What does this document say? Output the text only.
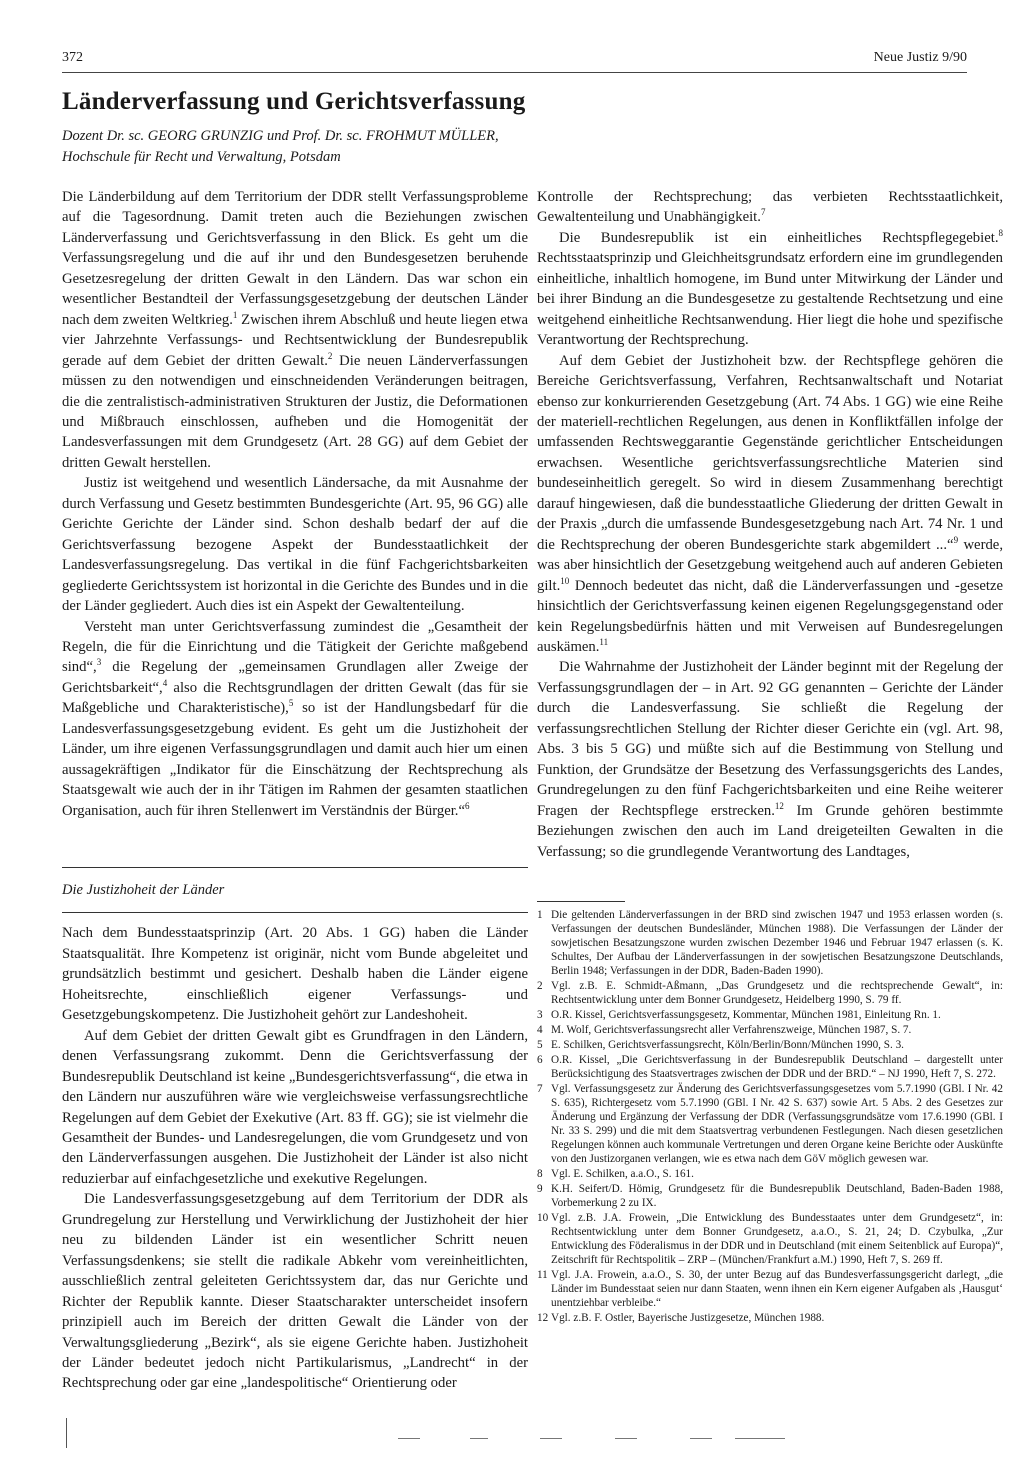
372	Neue Justiz 9/90
Länderverfassung und Gerichtsverfassung
Dozent Dr. sc. GEORG GRUNZIG und Prof. Dr. sc. FROHMUT MÜLLER,
Hochschule für Recht und Verwaltung, Potsdam

Die Länderbildung auf dem Territorium der DDR stellt Verfassungsprobleme auf die Tagesordnung. Damit treten auch die Beziehungen zwischen Länderverfassung und Gerichtsverfassung in den Blick. Es geht um die Verfassungsregelung und die auf ihr und den Bundesgesetzen beruhende Gesetzesregelung der dritten Gewalt in den Ländern. Das war schon ein wesentlicher Bestandteil der Verfassungsgesetzgebung der deutschen Länder nach dem zweiten Weltkrieg.$^1$ Zwischen ihrem Abschluß und heute liegen etwa vier Jahrzehnte Verfassungs- und Rechtsentwicklung der Bundesrepublik gerade auf dem Gebiet der dritten Gewalt.$^2$ Die neuen Länderverfassungen müssen zu den notwendigen und einschneidenden Veränderungen beitragen, die die zentralistisch-administrativen Strukturen der Justiz, die Deformationen und Mißbrauch einschlossen, aufheben und die Homogenität der Landesverfassungen mit dem Grundgesetz (Art. 28 GG) auf dem Gebiet der dritten Gewalt herstellen.

Justiz ist weitgehend und wesentlich Ländersache, da mit Ausnahme der durch Verfassung und Gesetz bestimmten Bundesgerichte (Art. 95, 96 GG) alle Gerichte Gerichte der Länder sind. Schon deshalb bedarf der auf die Gerichtsverfassung bezogene Aspekt der Bundesstaatlichkeit der Landesverfassungsregelung. Das vertikal in die fünf Fachgerichtsbarkeiten gegliederte Gerichtssystem ist horizontal in die Gerichte des Bundes und in die der Länder gegliedert. Auch dies ist ein Aspekt der Gewaltenteilung.

Versteht man unter Gerichtsverfassung zumindest die „Gesamtheit der Regeln, die für die Einrichtung und die Tätigkeit der Gerichte maßgebend sind“,$^3$ die Regelung der „gemeinsamen Grundlagen aller Zweige der Gerichtsbarkeit“,$^4$ also die Rechtsgrundlagen der dritten Gewalt (das für sie Maßgebliche und Charakteristische),$^5$ so ist der Handlungsbedarf für die Landesverfassungsgesetzgebung evident. Es geht um die Justizhoheit der Länder, um ihre eigenen Verfassungsgrundlagen und damit auch hier um einen aussagekräftigen „Indikator für die Einschätzung der Rechtsprechung als Staatsgewalt wie auch der in ihr Tätigen im Rahmen der gesamten staatlichen Organisation, auch für ihren Stellenwert im Verständnis der Bürger.“$^6$

Die Justizhoheit der Länder

Nach dem Bundesstaatsprinzip (Art. 20 Abs. 1 GG) haben die Länder Staatsqualität. Ihre Kompetenz ist originär, nicht vom Bunde abgeleitet und grundsätzlich bestimmt und gesichert. Deshalb haben die Länder eigene Hoheitsrechte, einschließlich eigener Verfassungs- und Gesetzgebungskompetenz. Die Justizhoheit gehört zur Landeshoheit.

Auf dem Gebiet der dritten Gewalt gibt es Grundfragen in den Ländern, denen Verfassungsrang zukommt. Denn die Gerichtsverfassung der Bundesrepublik Deutschland ist keine „Bundesgerichtsverfassung“, die etwa in den Ländern nur auszuführen wäre wie vergleichsweise verfassungsrechtliche Regelungen auf dem Gebiet der Exekutive (Art. 83 ff. GG); sie ist vielmehr die Gesamtheit der Bundes- und Landesregelungen, die vom Grundgesetz und von den Länderverfassungen ausgehen. Die Justizhoheit der Länder ist also nicht reduzierbar auf einfachgesetzliche und exekutive Regelungen.

Die Landesverfassungsgesetzgebung auf dem Territorium der DDR als Grundregelung zur Herstellung und Verwirklichung der Justizhoheit der hier neu zu bildenden Länder ist ein wesentlicher Schritt neuen Verfassungsdenkens; sie stellt die radikale Abkehr vom vereinheitlichten, ausschließlich zentral geleiteten Gerichtssystem dar, das nur Gerichte und Richter der Republik kannte. Dieser Staatscharakter unterscheidet insofern prinzipiell auch im Bereich der dritten Gewalt die Länder von der Verwaltungsgliederung „Bezirk“, als sie eigene Gerichte haben. Justizhoheit der Länder bedeutet jedoch nicht Partikularismus, „Landrecht“ in der Rechtsprechung oder gar eine „landespolitische“ Orientierung oder

Kontrolle der Rechtsprechung; das verbieten Rechtsstaatlichkeit, Gewaltenteilung und Unabhängigkeit.$^7$

Die Bundesrepublik ist ein einheitliches Rechtspflegegebiet.$^8$ Rechtsstaatsprinzip und Gleichheitsgrundsatz erfordern eine im grundlegenden einheitliche, inhaltlich homogene, im Bund unter Mitwirkung der Länder und bei ihrer Bindung an die Bundesgesetze zu gestaltende Rechtsetzung und eine weitgehend einheitliche Rechtsanwendung. Hier liegt die hohe und spezifische Verantwortung der Rechtsprechung.

Auf dem Gebiet der Justizhoheit bzw. der Rechtspflege gehören die Bereiche Gerichtsverfassung, Verfahren, Rechtsanwaltschaft und Notariat ebenso zur konkurrierenden Gesetzgebung (Art. 74 Abs. 1 GG) wie eine Reihe der materiell-rechtlichen Regelungen, aus denen in Konfliktfällen infolge der umfassenden Rechtsweggarantie Gegenstände gerichtlicher Entscheidungen erwachsen. Wesentliche gerichtsverfassungsrechtliche Materien sind bundeseinheitlich geregelt. So wird in diesem Zusammenhang berechtigt darauf hingewiesen, daß die bundesstaatliche Gliederung der dritten Gewalt in der Praxis „durch die umfassende Bundesgesetzgebung nach Art. 74 Nr. 1 und die Rechtsprechung der oberen Bundesgerichte stark abgemildert ...“$^9$ werde, was aber hinsichtlich der Gesetzgebung weitgehend auch auf anderen Gebieten gilt.$^{10}$ Dennoch bedeutet das nicht, daß die Länderverfassungen und -gesetze hinsichtlich der Gerichtsverfassung keinen eigenen Regelungsgegenstand oder kein Regelungsbedürfnis hätten und mit Verweisen auf Bundesregelungen auskämen.$^{11}$

Die Wahrnahme der Justizhoheit der Länder beginnt mit der Regelung der Verfassungsgrundlagen der – in Art. 92 GG genannten – Gerichte der Länder durch die Landesverfassung. Sie schließt die Regelung der verfassungsrechtlichen Stellung der Richter dieser Gerichte ein (vgl. Art. 98, Abs. 3 bis 5 GG) und müßte sich auf die Bestimmung von Stellung und Funktion, der Grundsätze der Besetzung des Verfassungsgerichts des Landes, Grundregelungen zu den fünf Fachgerichtsbarkeiten und eine Reihe weiterer Fragen der Rechtspflege erstrecken.$^{12}$ Im Grunde gehören bestimmte Beziehungen zwischen den auch im Land dreigeteilten Gewalten in die Verfassung; so die grundlegende Verantwortung des Landtages,

1 Die geltenden Länderverfassungen in der BRD sind zwischen 1947 und 1953 erlassen worden (s. Verfassungen der deutschen Bundesländer, München 1988). Die Verfassungen der Länder der sowjetischen Besatzungszone wurden zwischen Dezember 1946 und Februar 1947 erlassen (s. K. Schultes, Der Aufbau der Länderverfassungen in der sowjetischen Besatzungszone Deutschlands, Berlin 1948; Verfassungen in der DDR, Baden-Baden 1990).
2 Vgl. z.B. E. Schmidt-Aßmann, „Das Grundgesetz und die rechtsprechende Gewalt“, in: Rechtsentwicklung unter dem Bonner Grundgesetz, Heidelberg 1990, S. 79 ff.
3 O.R. Kissel, Gerichtsverfassungsgesetz, Kommentar, München 1981, Einleitung Rn. 1.
4 M. Wolf, Gerichtsverfassungsrecht aller Verfahrenszweige, München 1987, S. 7.
5 E. Schilken, Gerichtsverfassungsrecht, Köln/Berlin/Bonn/München 1990, S. 3.
6 O.R. Kissel, „Die Gerichtsverfassung in der Bundesrepublik Deutschland – dargestellt unter Berücksichtigung des Staatsvertrages zwischen der DDR und der BRD.“ – NJ 1990, Heft 7, S. 272.
7 Vgl. Verfassungsgesetz zur Änderung des Gerichtsverfassungsgesetzes vom 5.7.1990 (GBl. I Nr. 42 S. 635), Richtergesetz vom 5.7.1990 (GBl. I Nr. 42 S. 637) sowie Art. 5 Abs. 2 des Gesetzes zur Änderung und Ergänzung der Verfassung der DDR (Verfassungsgrundsätze vom 17.6.1990 (GBl. I Nr. 33 S. 299) und die mit dem Staatsvertrag verbundenen Festlegungen. Nach diesen gesetzlichen Regelungen können auch kommunale Vertretungen und deren Organe keine Berichte oder Auskünfte von den Justizorganen verlangen, wie es etwa nach dem GöV möglich gewesen war.
8 Vgl. E. Schilken, a.a.O., S. 161.
9 K.H. Seifert/D. Hömig, Grundgesetz für die Bundesrepublik Deutschland, Baden-Baden 1988, Vorbemerkung 2 zu IX.
10 Vgl. z.B. J.A. Frowein, „Die Entwicklung des Bundesstaates unter dem Grundgesetz“, in: Rechtsentwicklung unter dem Bonner Grundgesetz, a.a.O., S. 21, 24; D. Czybulka, „Zur Entwicklung des Föderalismus in der DDR und in Deutschland (mit einem Seitenblick auf Europa)“, Zeitschrift für Rechtspolitik – ZRP – (München/Frankfurt a.M.) 1990, Heft 7, S. 269 ff.
11 Vgl. J.A. Frowein, a.a.O., S. 30, der unter Bezug auf das Bundesverfassungsgericht darlegt, „die Länder im Bundesstaat seien nur dann Staaten, wenn ihnen ein Kern eigener Aufgaben als ‚Hausgut‘ unentziehbar verbleibe.“
12 Vgl. z.B. F. Ostler, Bayerische Justizgesetze, München 1988.
